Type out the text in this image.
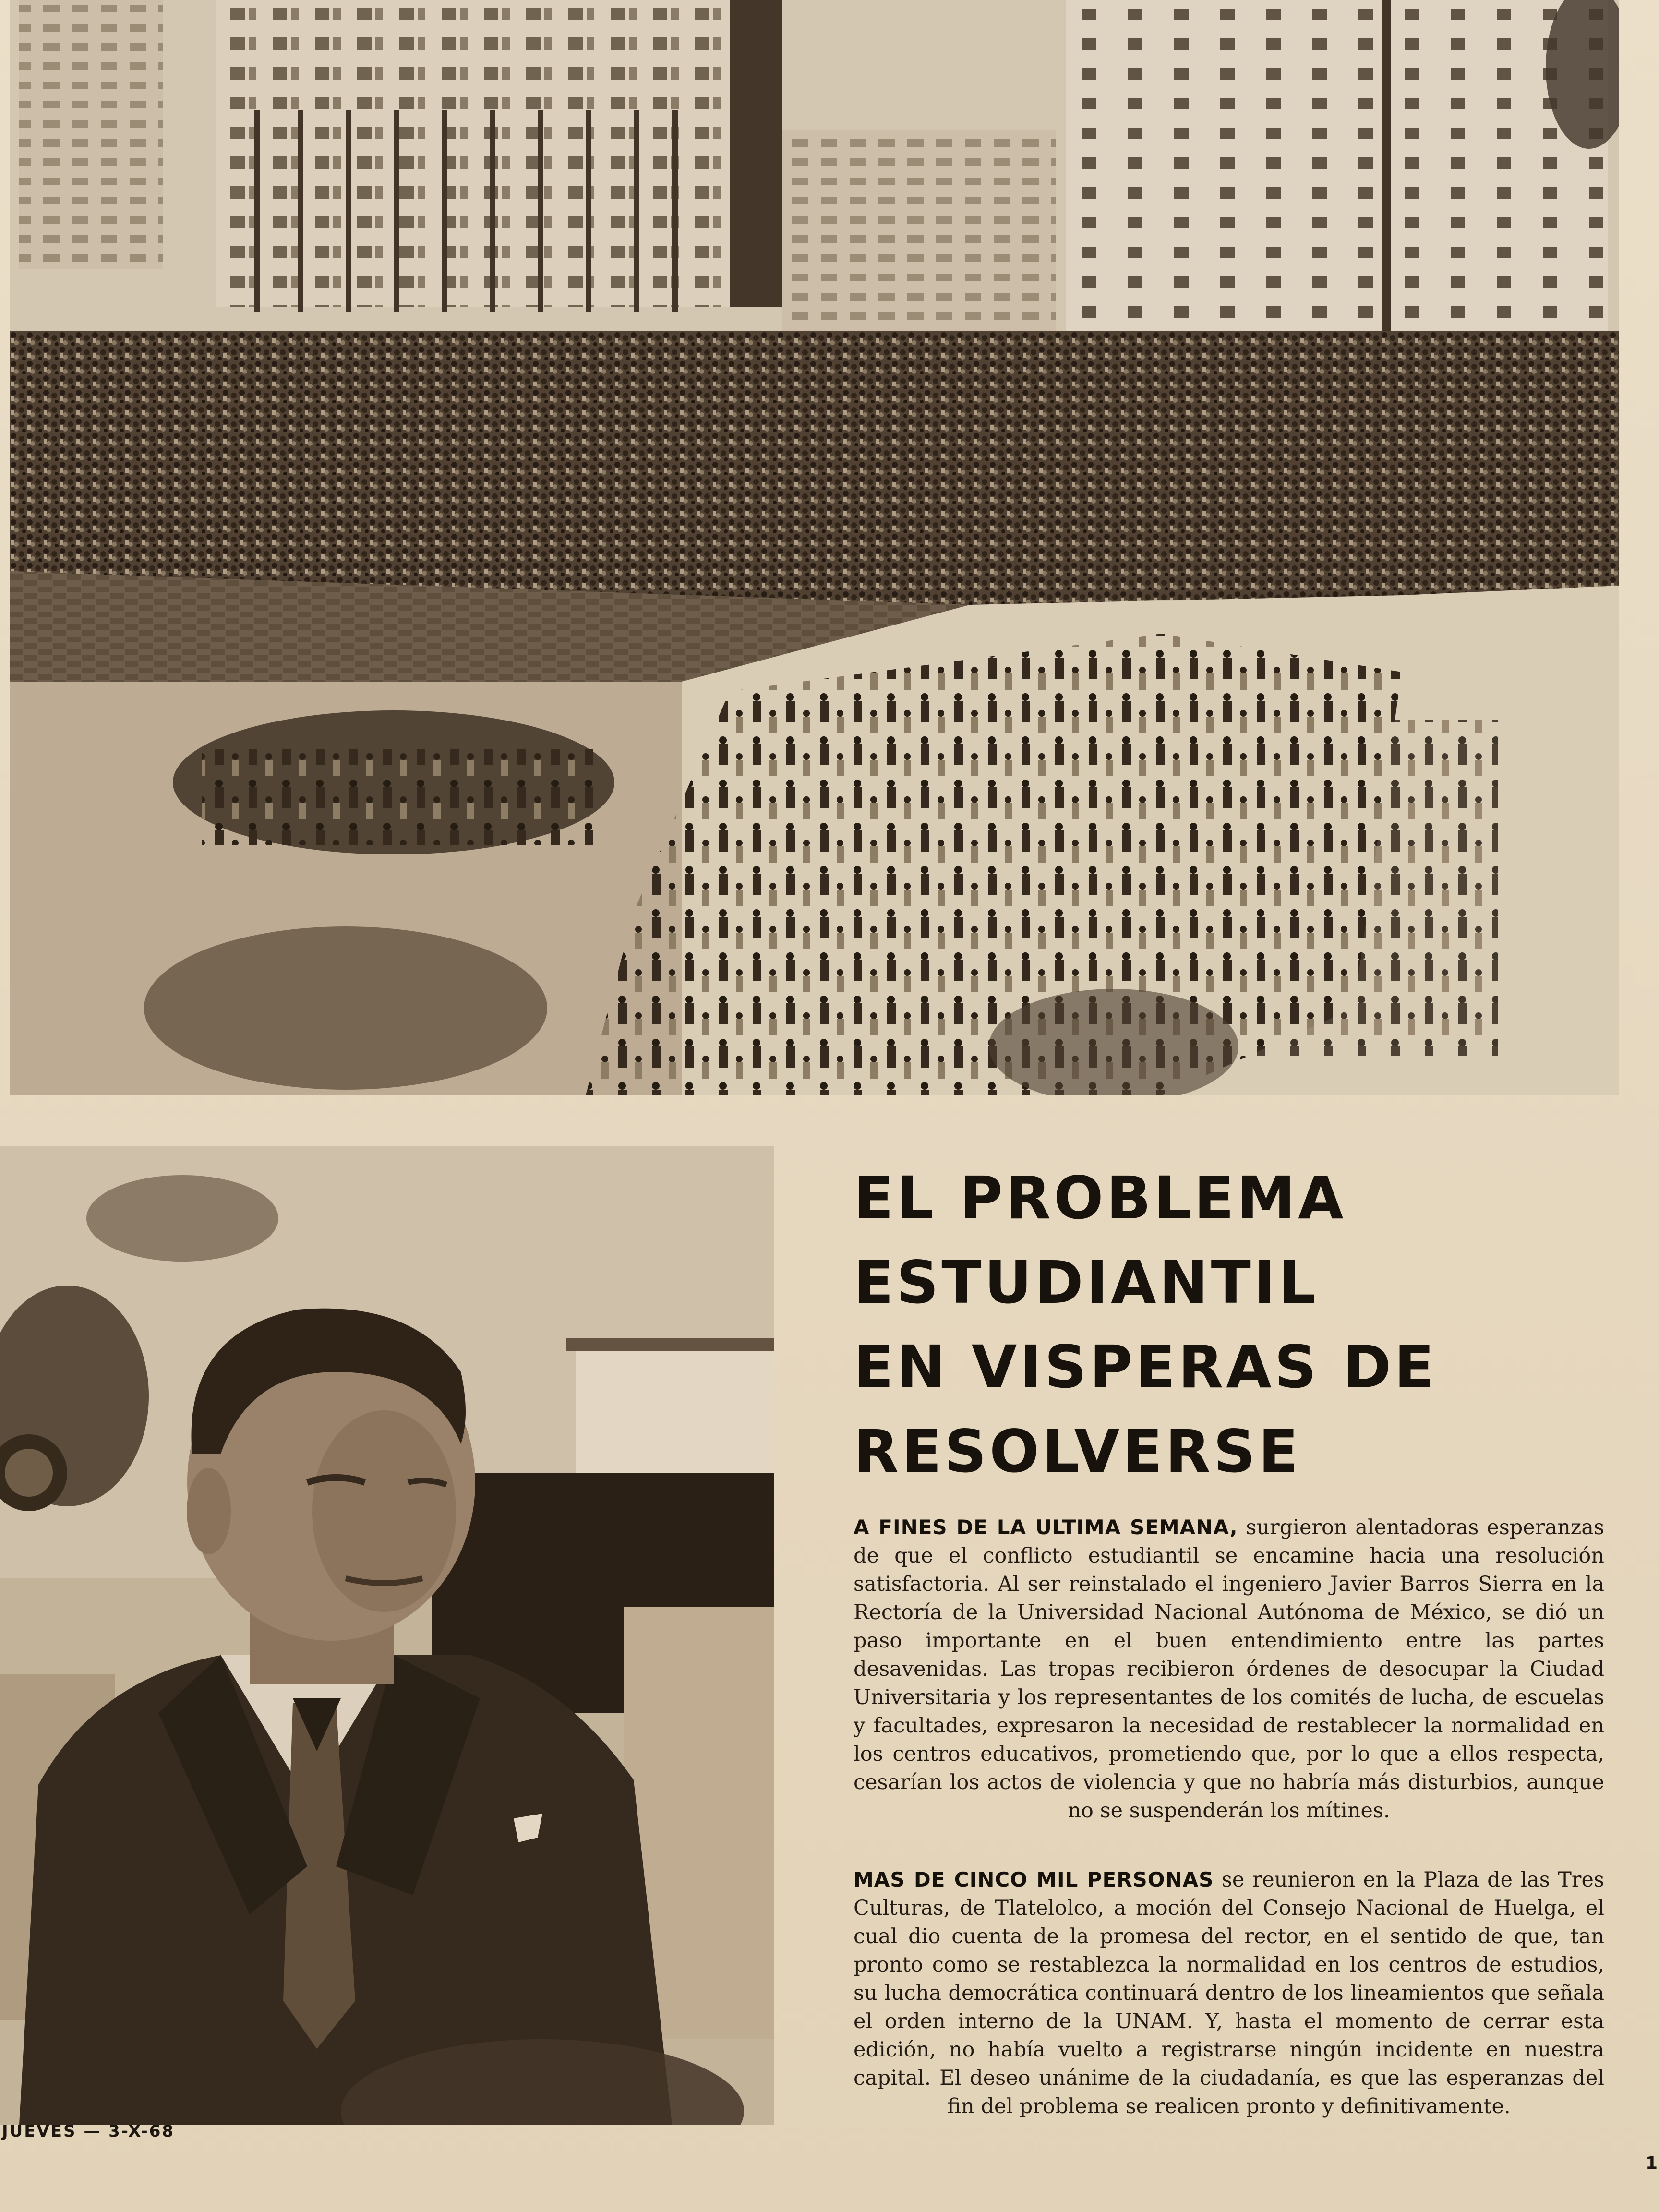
EL PROBLEMA
ESTUDIANTIL
EN VISPERAS DE
RESOLVERSE

A FINES DE LA ULTIMA SEMANA, surgieron alentadoras esperanzas de que el conflicto estudiantil se encamine hacia una resolución satisfactoria. Al ser reinstalado el ingeniero Javier Barros Sierra en la Rectoría de la Universidad Nacional Autónoma de México, se dió un paso importante en el buen entendimiento entre las partes desavenidas. Las tropas recibieron órdenes de desocupar la Ciudad Universitaria y los representantes de los comités de lucha, de escuelas y facultades, expresaron la necesidad de restablecer la normalidad en los centros educativos, prometiendo que, por lo que a ellos respecta, cesarían los actos de violencia y que no habría más disturbios, aunque no se suspenderán los mítines.

MAS DE CINCO MIL PERSONAS se reunieron en la Plaza de las Tres Culturas, de Tlatelolco, a moción del Consejo Nacional de Huelga, el cual dio cuenta de la promesa del rector, en el sentido de que, tan pronto como se restablezca la normalidad en los centros de estudios, su lucha democrática continuará dentro de los lineamientos que señala el orden interno de la UNAM. Y, hasta el momento de cerrar esta edición, no había vuelto a registrarse ningún incidente en nuestra capital. El deseo unánime de la ciudadanía, es que las esperanzas del fin del problema se realicen pronto y definitivamente.

JUEVES — 3-X-68
1
